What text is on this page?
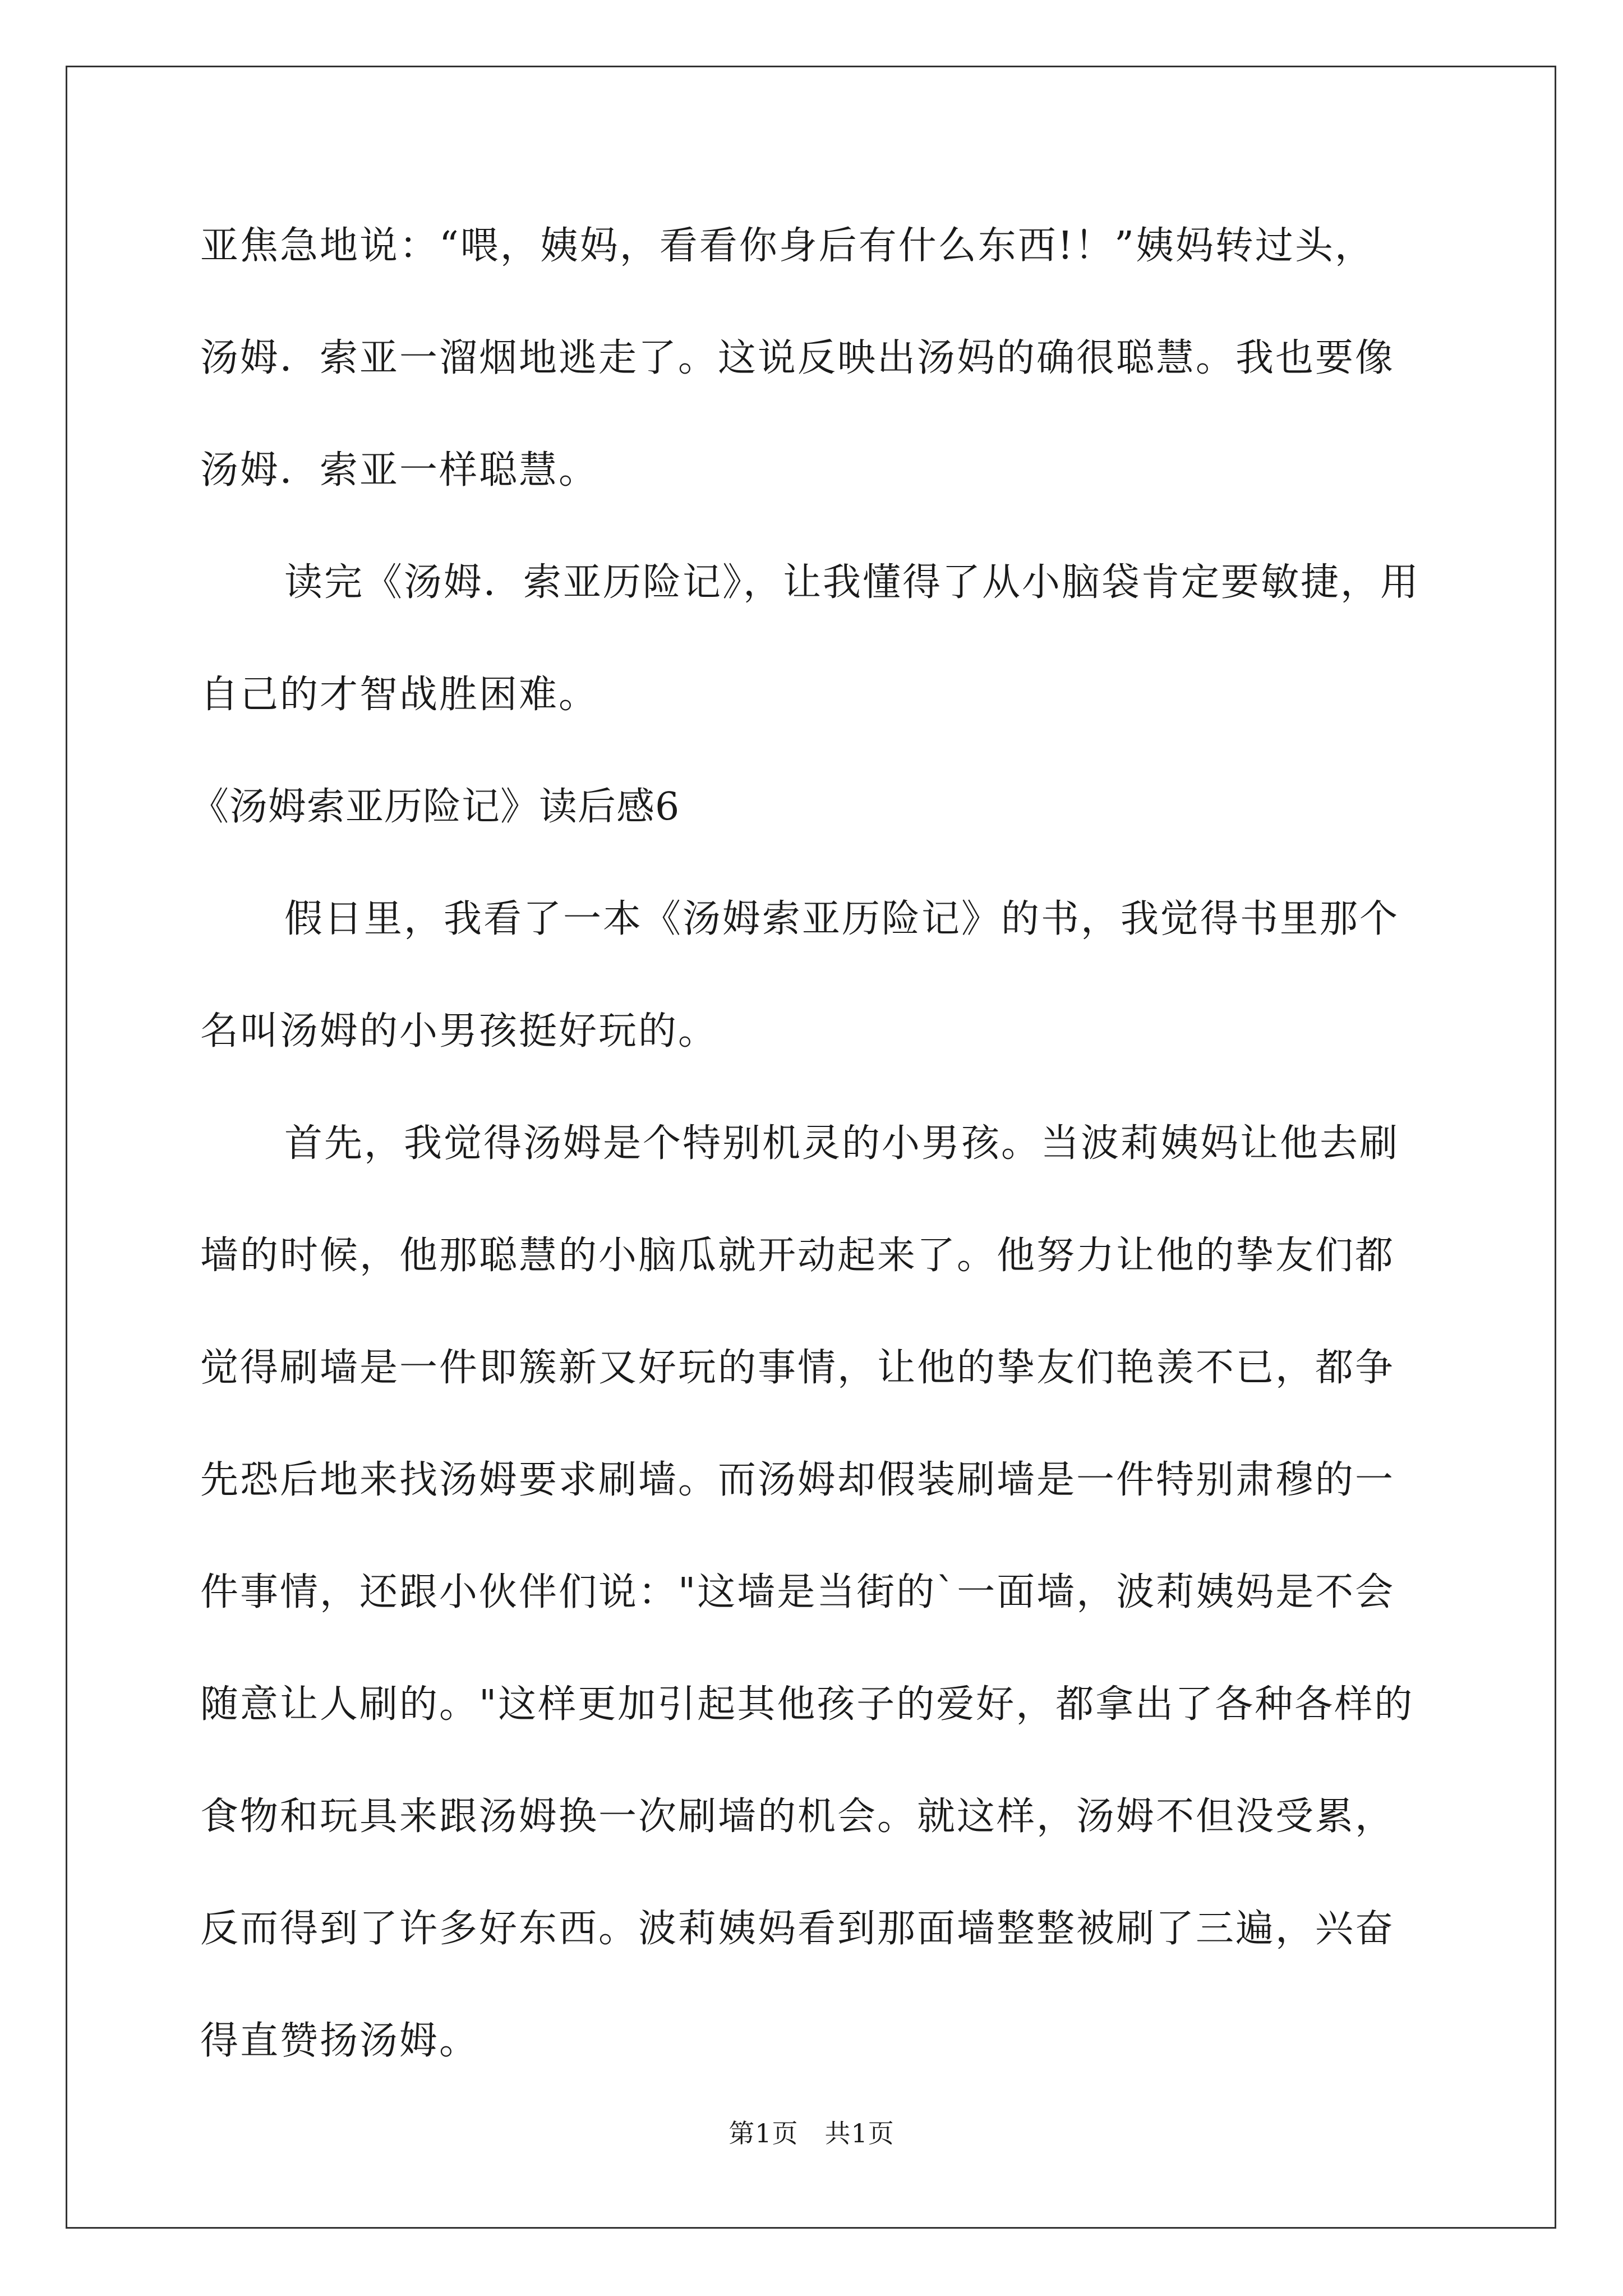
亚焦急地说：“喂，姨妈，看看你身后有什么东西!！”姨妈转过头，
汤姆．索亚一溜烟地逃走了。这说反映出汤妈的确很聪慧。我也要像
汤姆．索亚一样聪慧。
读完《汤姆．索亚历险记》，让我懂得了从小脑袋肯定要敏捷，用
自己的才智战胜困难。
《汤姆索亚历险记》读后感6
假日里，我看了一本《汤姆索亚历险记》的书，我觉得书里那个
名叫汤姆的小男孩挺好玩的。
首先，我觉得汤姆是个特别机灵的小男孩。当波莉姨妈让他去刷
墙的时候，他那聪慧的小脑瓜就开动起来了。他努力让他的挚友们都
觉得刷墙是一件即簇新又好玩的事情，让他的挚友们艳羡不已，都争
先恐后地来找汤姆要求刷墙。而汤姆却假装刷墙是一件特别肃穆的一
件事情，还跟小伙伴们说："这墙是当街的`一面墙，波莉姨妈是不会
随意让人刷的。"这样更加引起其他孩子的爱好，都拿出了各种各样的
食物和玩具来跟汤姆换一次刷墙的机会。就这样，汤姆不但没受累，
反而得到了许多好东西。波莉姨妈看到那面墙整整被刷了三遍，兴奋
得直赞扬汤姆。
第1页　共1页
